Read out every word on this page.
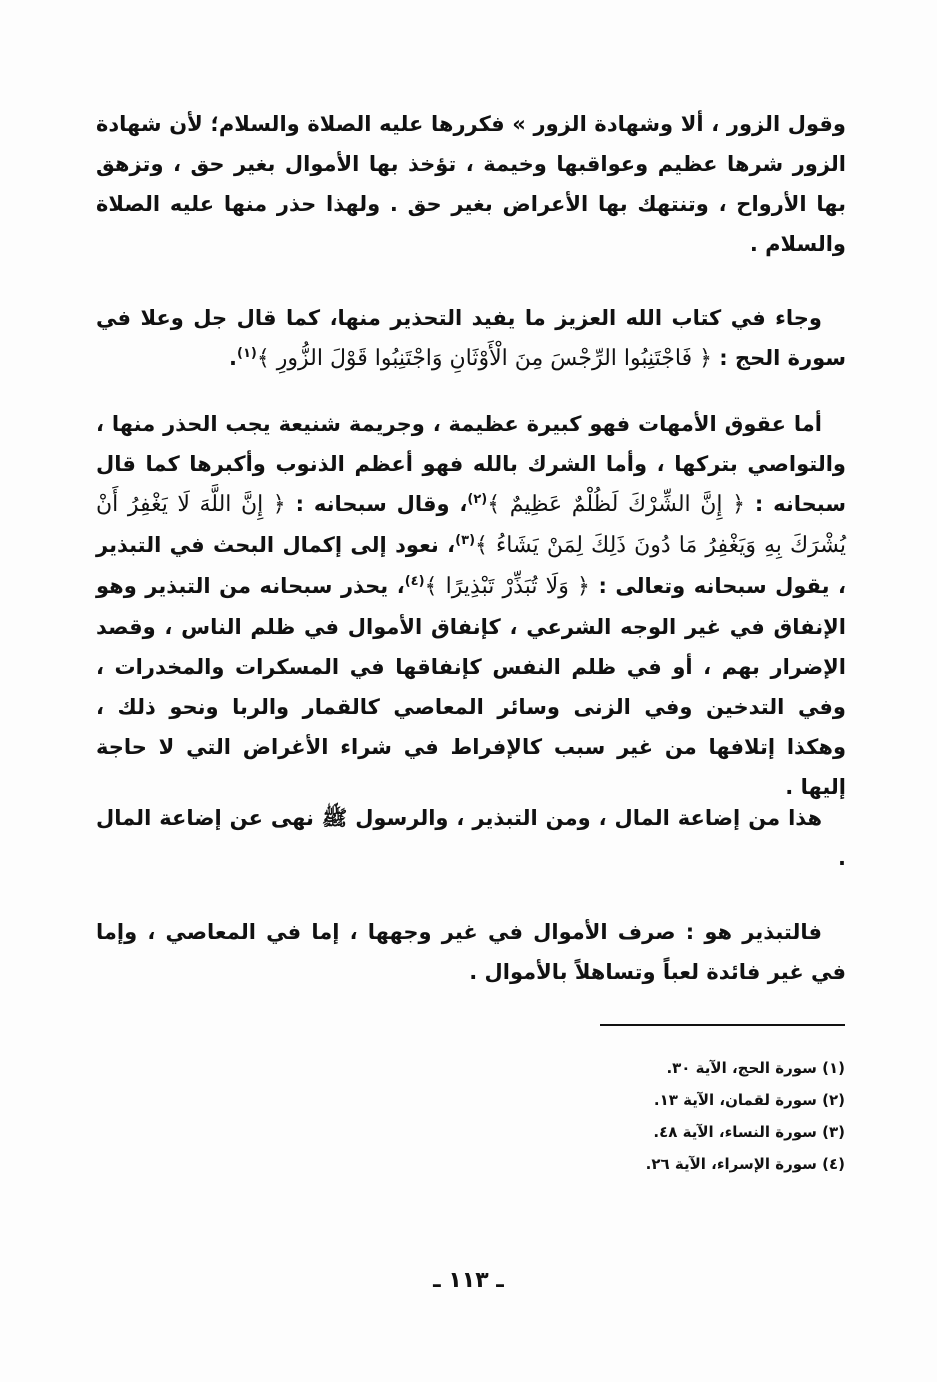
وقول الزور ، ألا وشهادة الزور » فكررها عليه الصلاة والسلام؛ لأن شهادة الزور شرها عظيم وعواقبها وخيمة ، تؤخذ بها الأموال بغير حق ، وتزهق بها الأرواح ، وتنتهك بها الأعراض بغير حق . ولهذا حذر منها عليه الصلاة والسلام .

وجاء في كتاب الله العزيز ما يفيد التحذير منها، كما قال جل وعلا في سورة الحج : ﴿ فَاجْتَنِبُوا الرِّجْسَ مِنَ الْأَوْثَانِ وَاجْتَنِبُوا قَوْلَ الزُّورِ ﴾$^{(١)}$.

أما عقوق الأمهات فهو كبيرة عظيمة ، وجريمة شنيعة يجب الحذر منها ، والتواصي بتركها ، وأما الشرك بالله فهو أعظم الذنوب وأكبرها كما قال سبحانه : ﴿ إِنَّ الشِّرْكَ لَظُلْمٌ عَظِيمٌ ﴾$^{(٢)}$، وقال سبحانه : ﴿ إِنَّ اللَّهَ لَا يَغْفِرُ أَنْ يُشْرَكَ بِهِ وَيَغْفِرُ مَا دُونَ ذَلِكَ لِمَنْ يَشَاءُ ﴾$^{(٣)}$، نعود إلى إكمال البحث في التبذير ، يقول سبحانه وتعالى : ﴿ وَلَا تُبَذِّرْ تَبْذِيرًا ﴾$^{(٤)}$، يحذر سبحانه من التبذير وهو الإنفاق في غير الوجه الشرعي ، كإنفاق الأموال في ظلم الناس ، وقصد الإضرار بهم ، أو في ظلم النفس كإنفاقها في المسكرات والمخدرات ، وفي التدخين وفي الزنى وسائر المعاصي كالقمار والربا ونحو ذلك ، وهكذا إتلافها من غير سبب كالإفراط في شراء الأغراض التي لا حاجة إليها .

هذا من إضاعة المال ، ومن التبذير ، والرسول ﷺ نهى عن إضاعة المال .

فالتبذير هو : صرف الأموال في غير وجهها ، إما في المعاصي ، وإما في غير فائدة لعباً وتساهلاً بالأموال .

(١) سورة الحج، الآية ٣٠.

(٢) سورة لقمان، الآية ١٣.

(٣) سورة النساء، الآية ٤٨.

(٤) سورة الإسراء، الآية ٢٦.

ـ ١١٣ ـ
